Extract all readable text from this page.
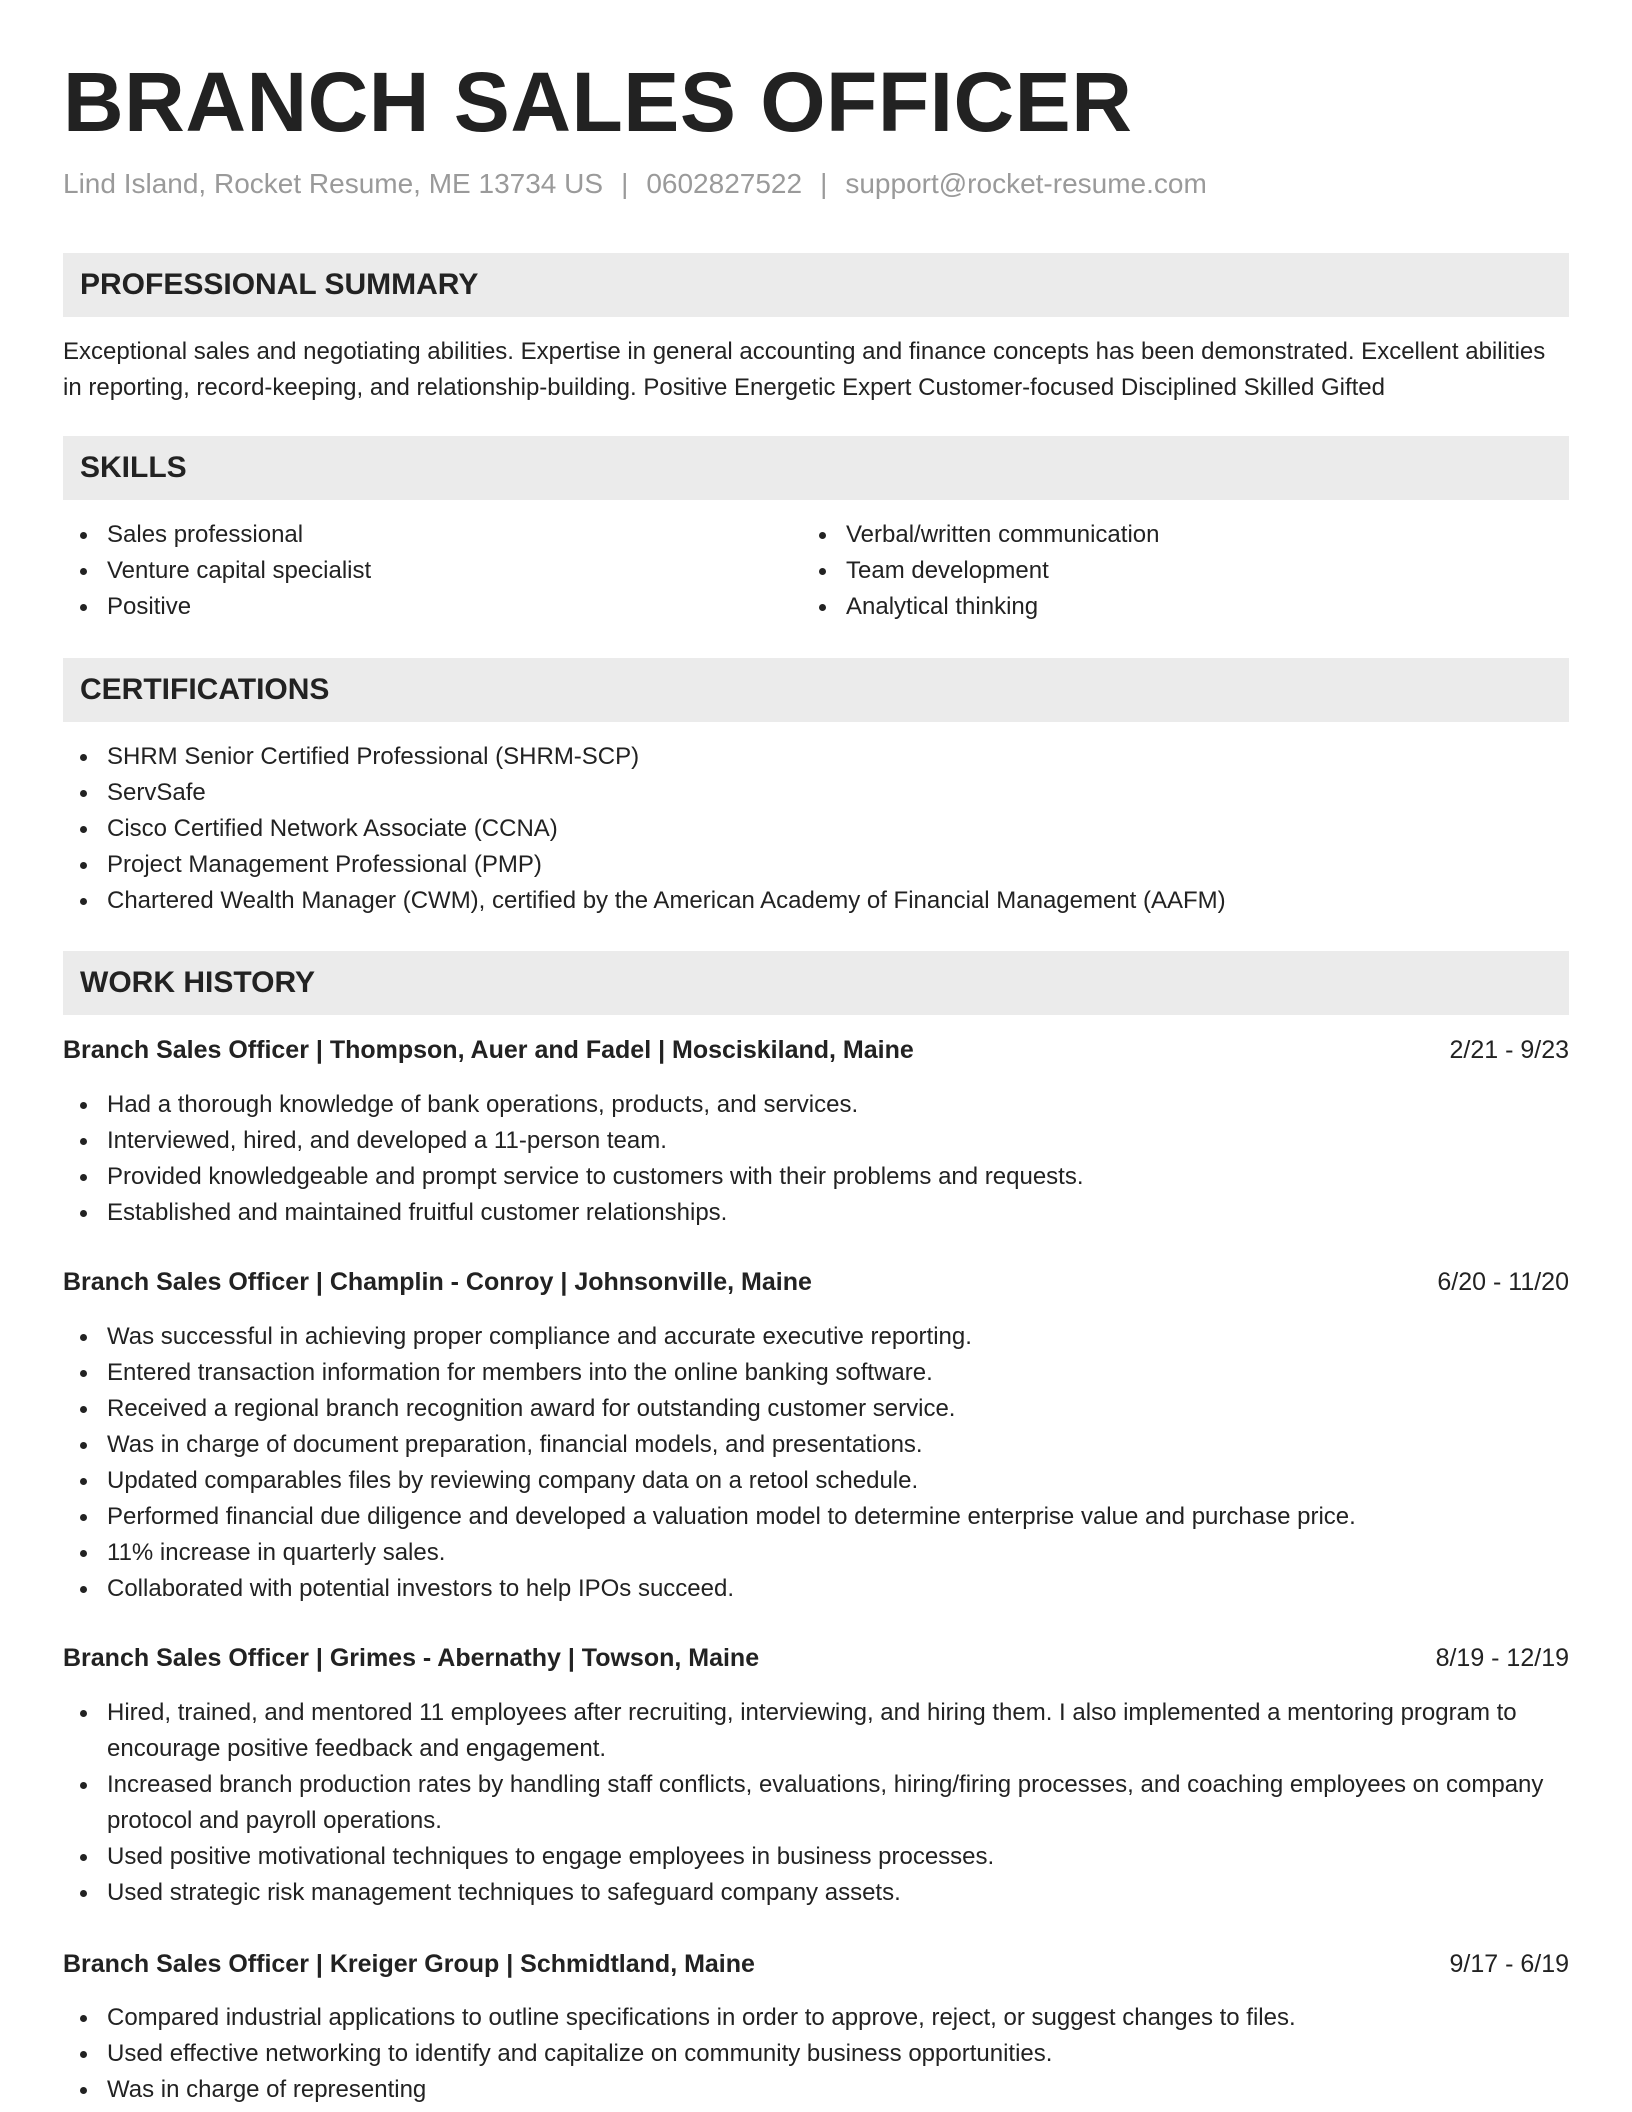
BRANCH SALES OFFICER
Lind Island, Rocket Resume, ME 13734 US | 0602827522 | support@rocket-resume.com
PROFESSIONAL SUMMARY

Exceptional sales and negotiating abilities. Expertise in general accounting and finance concepts has been demonstrated. Excellent abilities in reporting, record-keeping, and relationship-building. Positive Energetic Expert Customer-focused Disciplined Skilled Gifted

SKILLS
Sales professional
Venture capital specialist
Positive
Verbal/written communication
Team development
Analytical thinking
CERTIFICATIONS
SHRM Senior Certified Professional (SHRM-SCP)
ServSafe
Cisco Certified Network Associate (CCNA)
Project Management Professional (PMP)
Chartered Wealth Manager (CWM), certified by the American Academy of Financial Management (AAFM)
WORK HISTORY
Branch Sales Officer | Thompson, Auer and Fadel | Mosciskiland, Maine	2/21 - 9/23
Had a thorough knowledge of bank operations, products, and services.
Interviewed, hired, and developed a 11-person team.
Provided knowledgeable and prompt service to customers with their problems and requests.
Established and maintained fruitful customer relationships.
Branch Sales Officer | Champlin - Conroy | Johnsonville, Maine	6/20 - 11/20
Was successful in achieving proper compliance and accurate executive reporting.
Entered transaction information for members into the online banking software.
Received a regional branch recognition award for outstanding customer service.
Was in charge of document preparation, financial models, and presentations.
Updated comparables files by reviewing company data on a retool schedule.
Performed financial due diligence and developed a valuation model to determine enterprise value and purchase price.
11% increase in quarterly sales.
Collaborated with potential investors to help IPOs succeed.
Branch Sales Officer | Grimes - Abernathy | Towson, Maine	8/19 - 12/19
Hired, trained, and mentored 11 employees after recruiting, interviewing, and hiring them. I also implemented a mentoring program to encourage positive feedback and engagement.
Increased branch production rates by handling staff conflicts, evaluations, hiring/firing processes, and coaching employees on company protocol and payroll operations.
Used positive motivational techniques to engage employees in business processes.
Used strategic risk management techniques to safeguard company assets.
Branch Sales Officer | Kreiger Group | Schmidtland, Maine	9/17 - 6/19
Compared industrial applications to outline specifications in order to approve, reject, or suggest changes to files.
Used effective networking to identify and capitalize on community business opportunities.
Was in charge of representing
